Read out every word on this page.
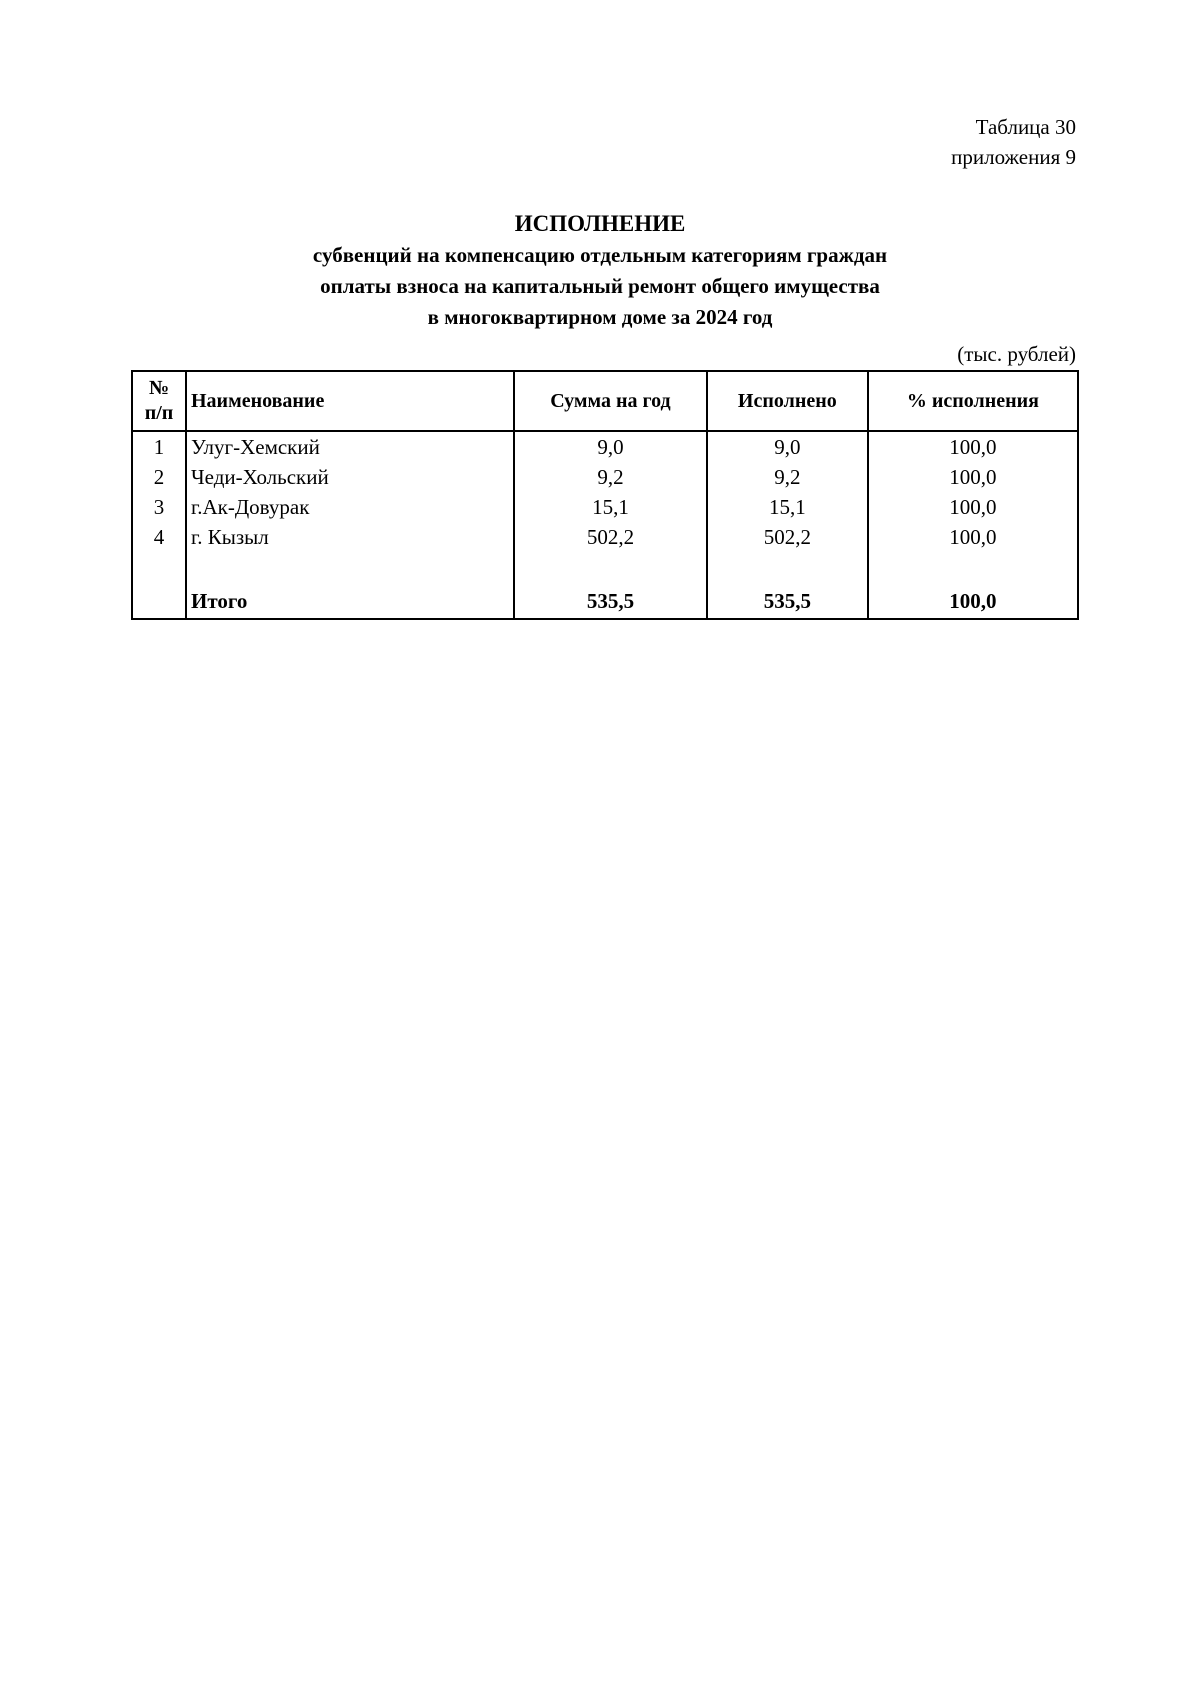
Таблица 30
приложения 9
ИСПОЛНЕНИЕ
субвенций на компенсацию отдельным категориям граждан
оплаты взноса на капитальный ремонт общего имущества
в многоквартирном доме за 2024 год
(тыс. рублей)
№
п/п	Наименование	Сумма на год	Исполнено	% исполнения
1	Улуг-Хемский	9,0	9,0	100,0
2	Чеди-Хольский	9,2	9,2	100,0
3	г.Ак-Довурак	15,1	15,1	100,0
4	г. Кызыл	502,2	502,2	100,0

	Итого	535,5	535,5	100,0
